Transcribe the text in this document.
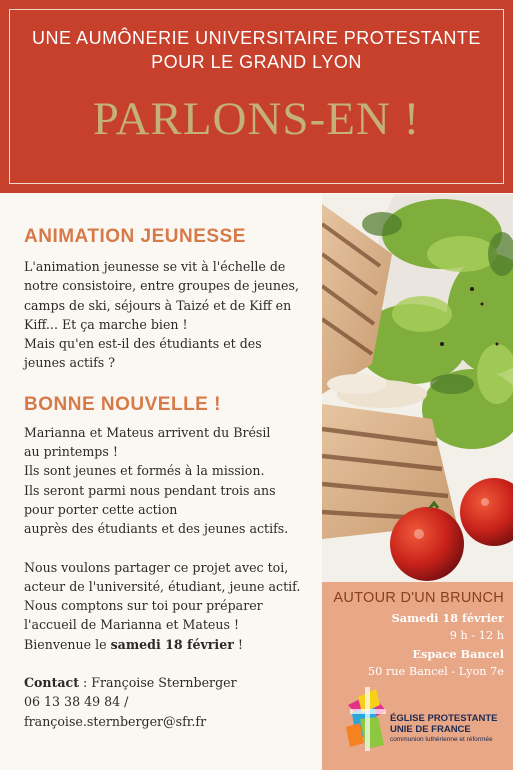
UNE AUMÔNERIE UNIVERSITAIRE PROTESTANTE
POUR LE GRAND LYON
PARLONS-EN !
ANIMATION JEUNESSE
L'animation jeunesse se vit à l'échelle de
notre consistoire, entre groupes de jeunes,
camps de ski, séjours à Taizé et de Kiff en
Kiff... Et ça marche bien !
Mais qu'en est-il des étudiants et des
jeunes actifs ?
BONNE NOUVELLE !
Marianna et Mateus arrivent du Brésil
au printemps !
Ils sont jeunes et formés à la mission.
Ils seront parmi nous pendant trois ans
pour porter cette action
auprès des étudiants et des jeunes actifs.
Nous voulons partager ce projet avec toi,
acteur de l'université, étudiant, jeune actif.
Nous comptons sur toi pour préparer
l'accueil de Marianna et Mateus !
Bienvenue le samedi 18 février !
Contact : Françoise Sternberger
06 13 38 49 84 /
françoise.sternberger@sfr.fr
AUTOUR D'UN BRUNCH
Samedi 18 février
9 h - 12 h
Espace Bancel
50 rue Bancel - Lyon 7e
ÉGLISE PROTESTANTE
UNIE DE FRANCE
communion luthérienne et réformée
